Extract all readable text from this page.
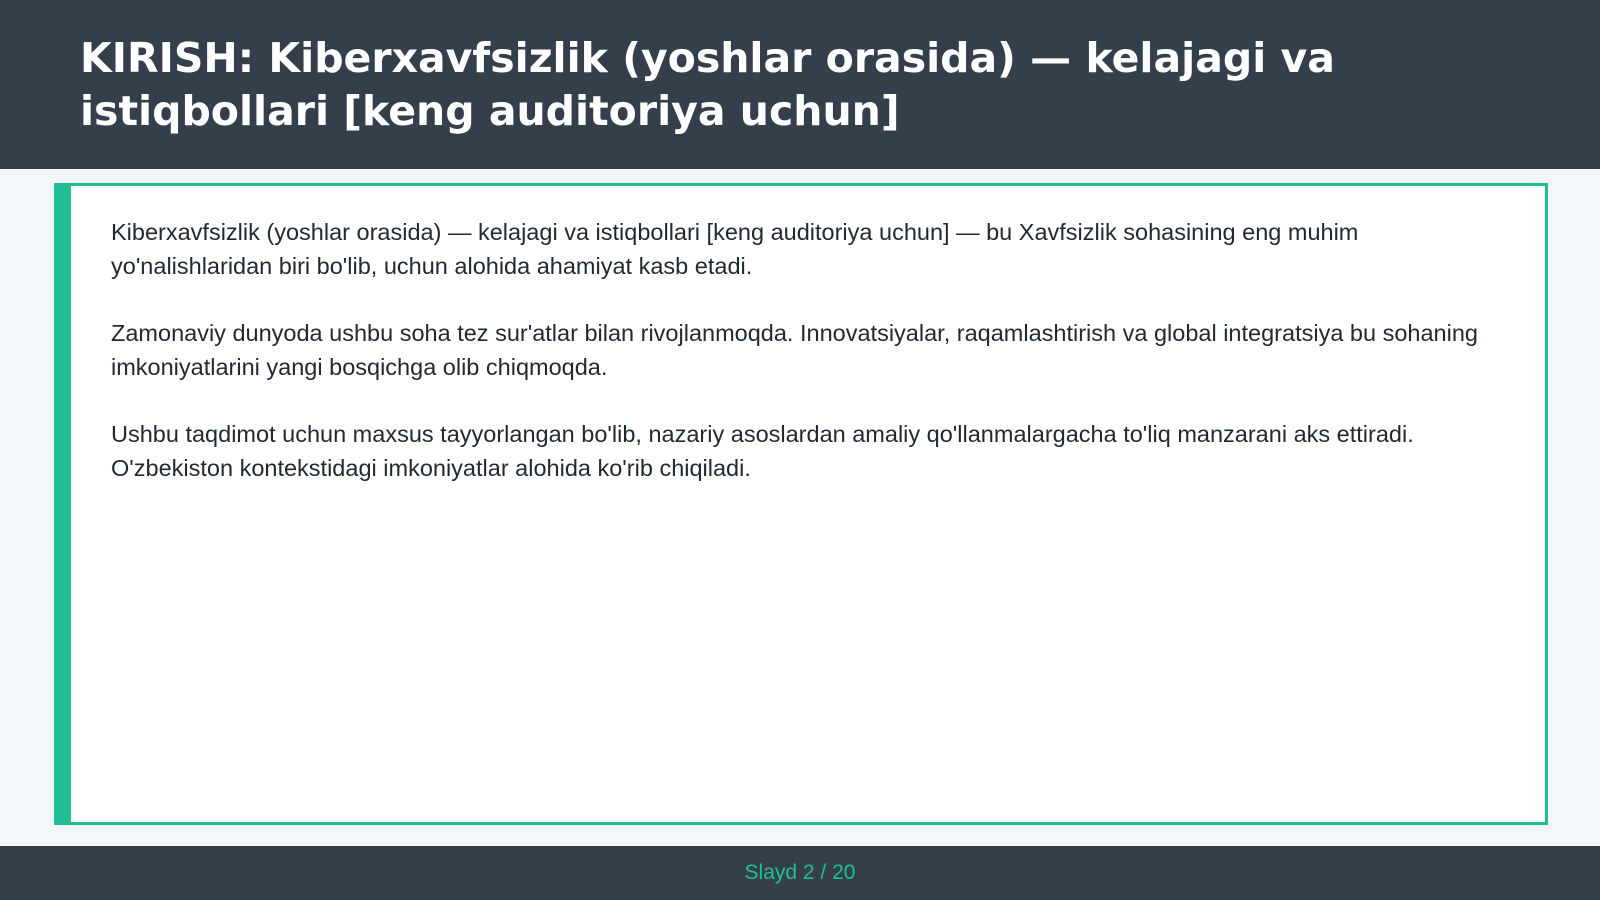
KIRISH: Kiberxavfsizlik (yoshlar orasida) — kelajagi va istiqbollari [keng auditoriya uchun]

Kiberxavfsizlik (yoshlar orasida) — kelajagi va istiqbollari [keng auditoriya uchun] — bu Xavfsizlik sohasining eng muhim yo'nalishlaridan biri bo'lib, uchun alohida ahamiyat kasb etadi.

Zamonaviy dunyoda ushbu soha tez sur'atlar bilan rivojlanmoqda. Innovatsiyalar, raqamlashtirish va global integratsiya bu sohaning imkoniyatlarini yangi bosqichga olib chiqmoqda.

Ushbu taqdimot uchun maxsus tayyorlangan bo'lib, nazariy asoslardan amaliy qo'llanmalargacha to'liq manzarani aks ettiradi. O'zbekiston kontekstidagi imkoniyatlar alohida ko'rib chiqiladi.

Slayd 2 / 20
